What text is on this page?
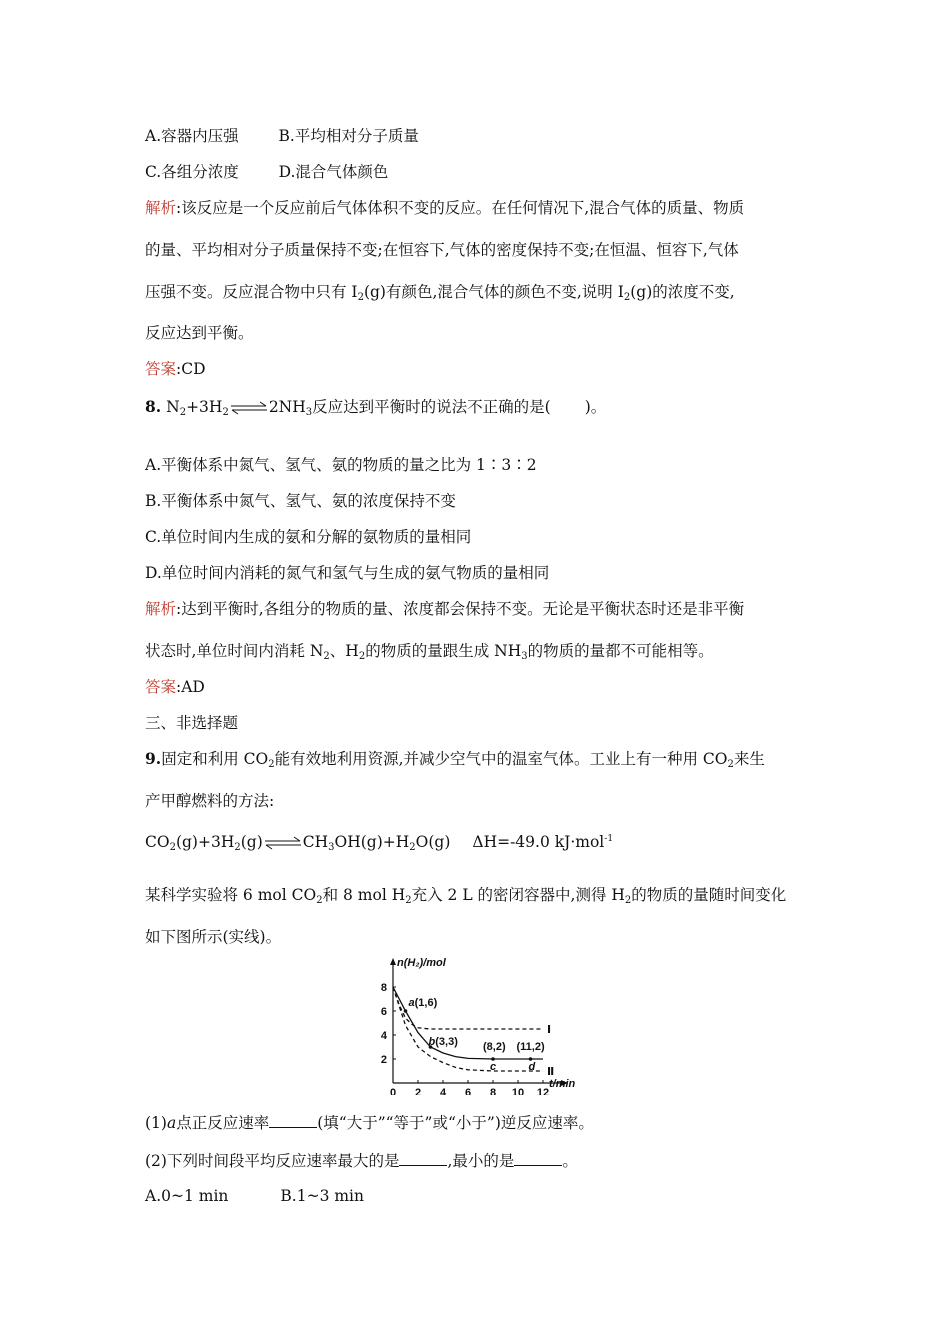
A.容器内压强	B.平均相对分子质量
C.各组分浓度	D.混合气体颜色
解析:该反应是一个反应前后气体体积不变的反应。在任何情况下,混合气体的质量、物质
的量、平均相对分子质量保持不变;在恒容下,气体的密度保持不变;在恒温、恒容下,气体
压强不变。反应混合物中只有 $I_2(g)$有颜色,混合气体的颜色不变,说明 $I_2(g)$的浓度不变,
反应达到平衡。
答案:CD
8. $N_2+3H_2\rightleftharpoons 2NH_3$反应达到平衡时的说法不正确的是( )。
A.平衡体系中氮气、氢气、氨的物质的量之比为 1∶3∶2
B.平衡体系中氮气、氢气、氨的浓度保持不变
C.单位时间内生成的氨和分解的氨物质的量相同
D.单位时间内消耗的氮气和氢气与生成的氨气物质的量相同
解析:达到平衡时,各组分的物质的量、浓度都会保持不变。无论是平衡状态时还是非平衡
状态时,单位时间内消耗 $N_2$、$H_2$的物质的量跟生成 $NH_3$的物质的量都不可能相等。
答案:AD
三、非选择题
9.固定和利用 $CO_2$能有效地利用资源,并减少空气中的温室气体。工业上有一种用 $CO_2$来生
产甲醇燃料的方法:
$CO_2(g)+3H_2(g)\rightleftharpoons CH_3OH(g)+H_2O(g)$ ΔH=-49.0 kJ·mol$^{-1}$
某科学实验将 6 mol $CO_2$和 8 mol $H_2$充入 2 L 的密闭容器中,测得 $H_2$的物质的量随时间变化
如下图所示(实线)。
n(H₂)/mol
t/min
0 2 4 6 8 10 12
2
4
6
8
Ⅰ
Ⅱ
a(1,6)
b(3,3) (8,2) (11,2)
c	d
(1)a点正反应速率	(填“大于”“等于”或“小于”)逆反应速率。
(2)下列时间段平均反应速率最大的是	,最小的是	。
A.0~1 min	B.1~3 min
